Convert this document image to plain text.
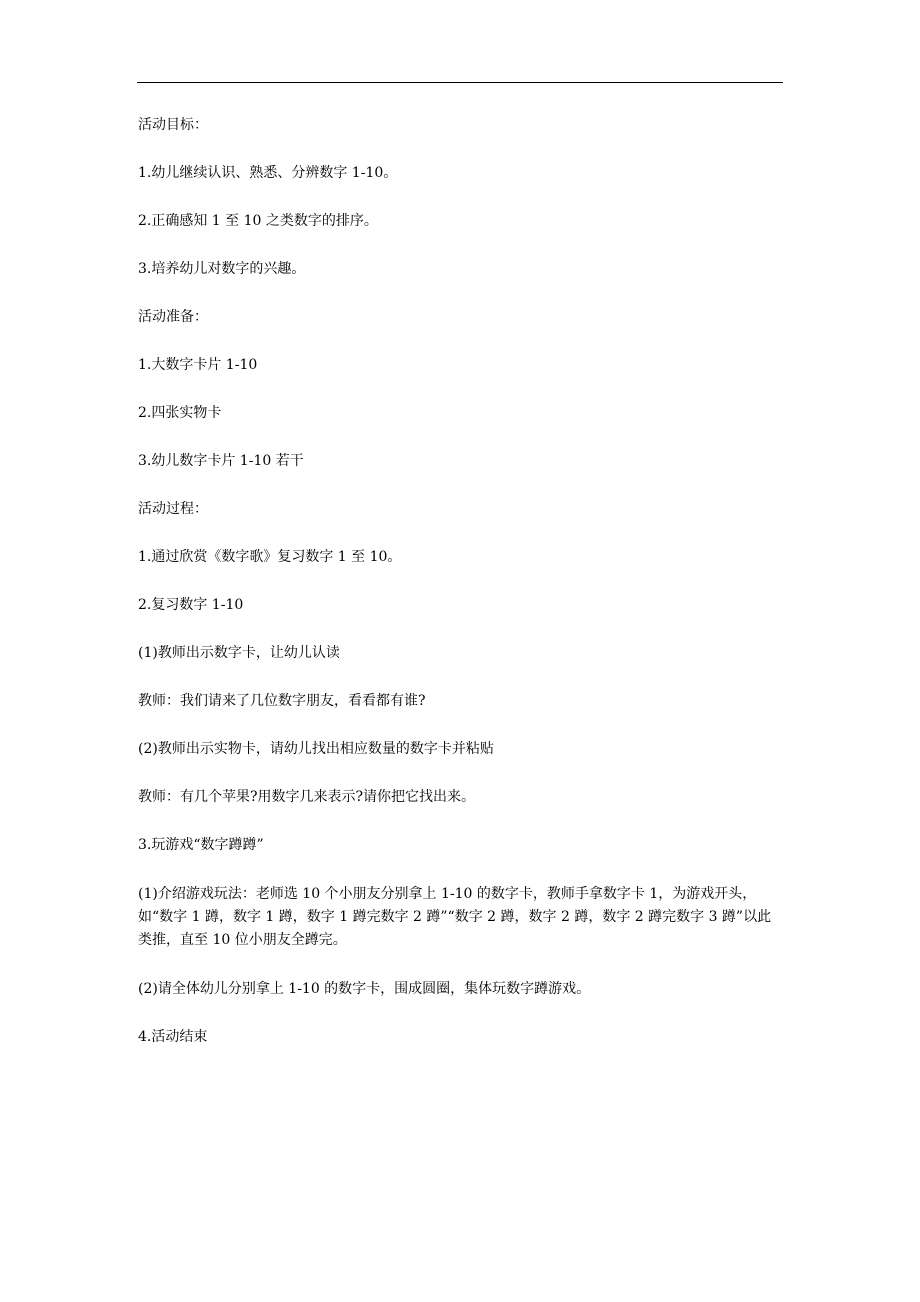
活动目标：

1.幼儿继续认识、熟悉、分辨数字 1-10。

2.正确感知 1 至 10 之类数字的排序。

3.培养幼儿对数字的兴趣。

活动准备：

1.大数字卡片 1-10

2.四张实物卡

3.幼儿数字卡片 1-10 若干

活动过程：

1.通过欣赏《数字歌》复习数字 1 至 10。

2.复习数字 1-10

(1)教师出示数字卡，让幼儿认读

教师：我们请来了几位数字朋友，看看都有谁?

(2)教师出示实物卡，请幼儿找出相应数量的数字卡并粘贴

教师：有几个苹果?用数字几来表示?请你把它找出来。

3.玩游戏“数字蹲蹲”

(1)介绍游戏玩法：老师选 10 个小朋友分别拿上 1-10 的数字卡，教师手拿数字卡 1，为游戏开头，如“数字 1 蹲，数字 1 蹲，数字 1 蹲完数字 2 蹲”“数字 2 蹲，数字 2 蹲，数字 2 蹲完数字 3 蹲”以此类推，直至 10 位小朋友全蹲完。

(2)请全体幼儿分别拿上 1-10 的数字卡，围成圆圈，集体玩数字蹲游戏。

4.活动结束
